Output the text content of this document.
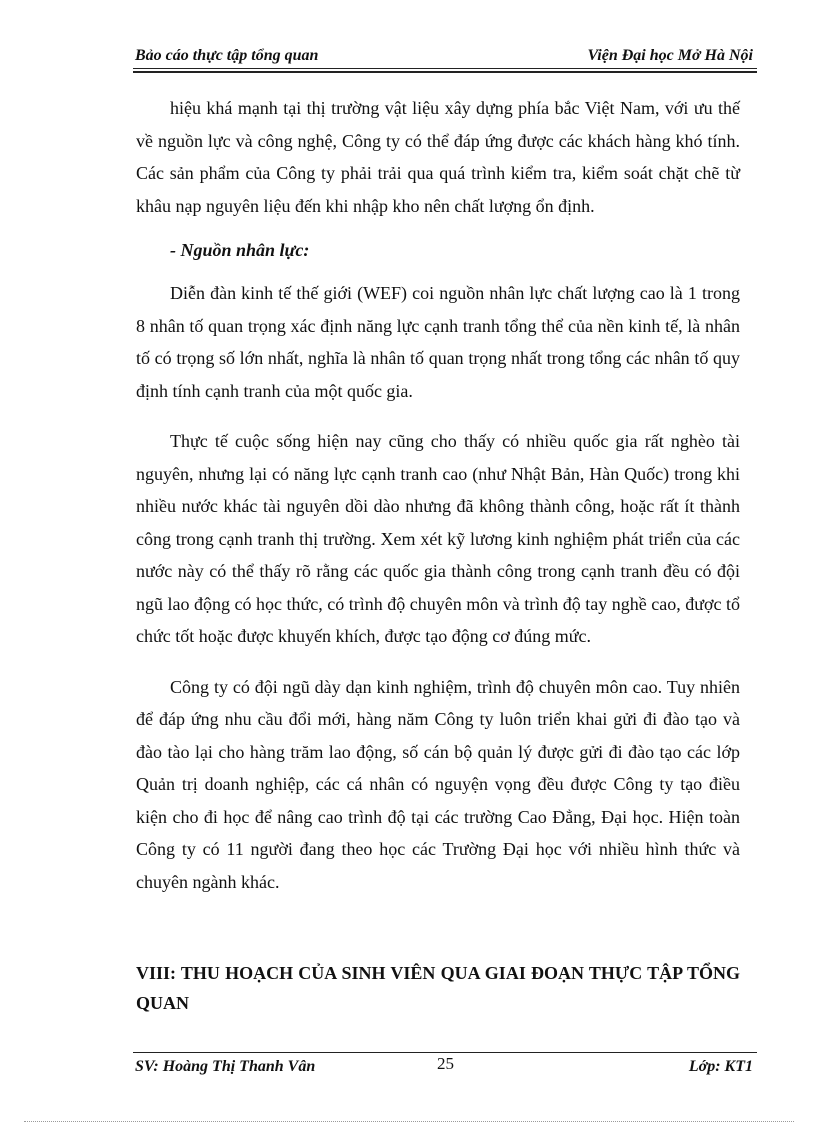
Bảo cáo thực tập tổng quan	Viện Đại học Mở Hà Nội

hiệu khá mạnh tại thị trường vật liệu xây dựng phía bắc Việt Nam, với ưu thế về nguồn lực và công nghệ, Công ty có thể đáp ứng được các khách hàng khó tính. Các sản phẩm của Công ty phải trải qua quá trình kiểm tra, kiểm soát chặt chẽ từ khâu nạp nguyên liệu đến khi nhập kho nên chất lượng ổn định.

- Nguồn nhân lực:

Diễn đàn kinh tế thế giới (WEF) coi nguồn nhân lực chất lượng cao là 1 trong 8 nhân tố quan trọng xác định năng lực cạnh tranh tổng thể của nền kinh tế, là nhân tố có trọng số lớn nhất, nghĩa là nhân tố quan trọng nhất trong tổng các nhân tố quy định tính cạnh tranh của một quốc gia.

Thực tế cuộc sống hiện nay cũng cho thấy có nhiều quốc gia rất nghèo tài nguyên, nhưng lại có năng lực cạnh tranh cao (như Nhật Bản, Hàn Quốc) trong khi nhiều nước khác tài nguyên dồi dào nhưng đã không thành công, hoặc rất ít thành công trong cạnh tranh thị trường. Xem xét kỹ lương kinh nghiệm phát triển của các nước này có thể thấy rõ rằng các quốc gia thành công trong cạnh tranh đều có đội ngũ lao động có học thức, có trình độ chuyên môn và trình độ tay nghề cao, được tổ chức tốt hoặc được khuyến khích, được tạo động cơ đúng mức.

Công ty có đội ngũ dày dạn kinh nghiệm, trình độ chuyên môn cao. Tuy nhiên để đáp ứng nhu cầu đổi mới, hàng năm Công ty luôn triển khai gửi đi đào tạo và đào tào lại cho hàng trăm lao động, số cán bộ quản lý được gửi đi đào tạo các lớp Quản trị doanh nghiệp, các cá nhân có nguyện vọng đều được Công ty tạo điều kiện cho đi học để nâng cao trình độ tại các trường Cao Đẳng, Đại học. Hiện toàn Công ty có 11 người đang theo học các Trường Đại học với nhiều hình thức và chuyên ngành khác.

VIII: THU HOẠCH CỦA SINH VIÊN QUA GIAI ĐOẠN THỰC TẬP TỔNG QUAN
SV: Hoàng Thị Thanh Vân	25	Lớp: KT1
